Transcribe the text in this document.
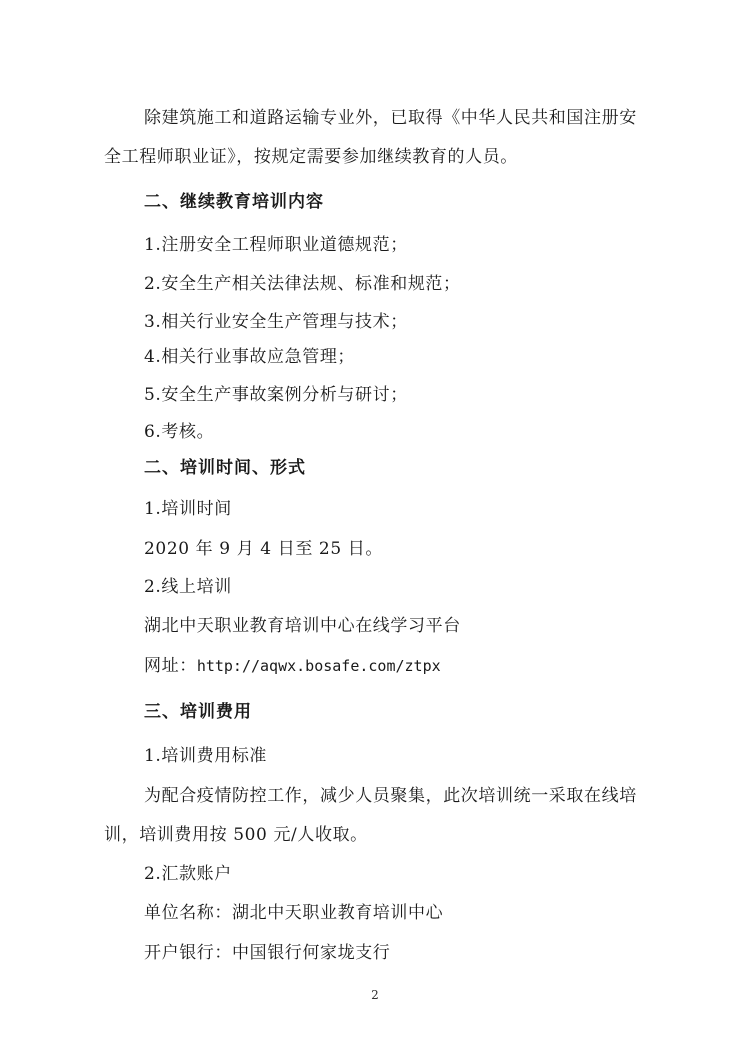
除建筑施工和道路运输专业外，已取得《中华人民共和国注册安
全工程师职业证》，按规定需要参加继续教育的人员。
二、继续教育培训内容
1.注册安全工程师职业道德规范；
2.安全生产相关法律法规、标准和规范；
3.相关行业安全生产管理与技术；
4.相关行业事故应急管理；
5.安全生产事故案例分析与研讨；
6.考核。
二、培训时间、形式
1.培训时间
2020 年 9 月 4 日至 25 日。
2.线上培训
湖北中天职业教育培训中心在线学习平台
网址：http://aqwx.bosafe.com/ztpx
三、培训费用
1.培训费用标准
为配合疫情防控工作，减少人员聚集，此次培训统一采取在线培
训，培训费用按 500 元/人收取。
2.汇款账户
单位名称：湖北中天职业教育培训中心
开户银行：中国银行何家垅支行
2
